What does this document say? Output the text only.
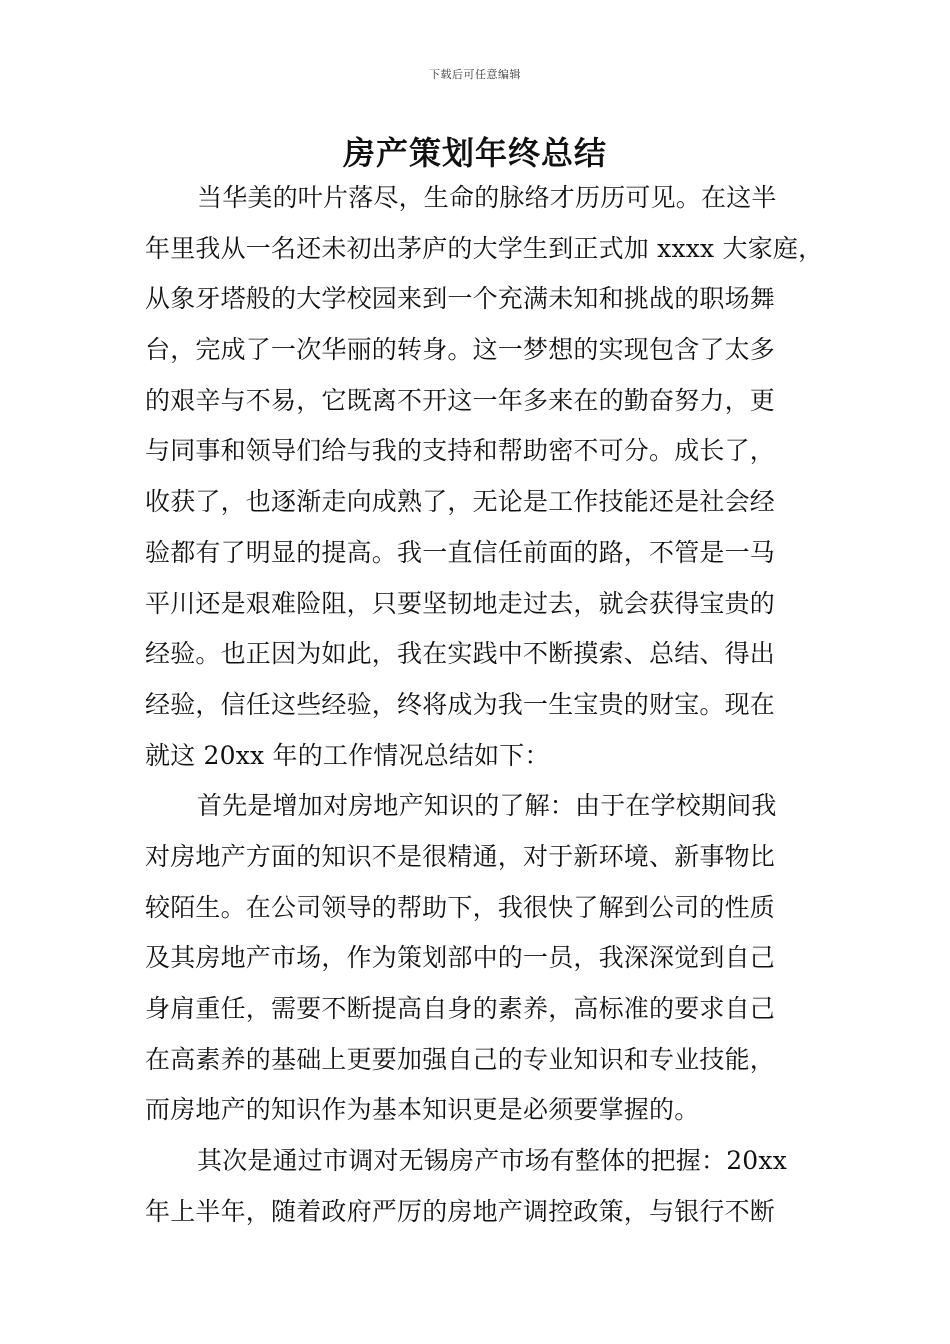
下载后可任意编辑
房产策划年终总结
当华美的叶片落尽，生命的脉络才历历可见。在这半
年里我从一名还未初出茅庐的大学生到正式加 xxxx 大家庭，
从象牙塔般的大学校园来到一个充满未知和挑战的职场舞
台，完成了一次华丽的转身。这一梦想的实现包含了太多
的艰辛与不易，它既离不开这一年多来在的勤奋努力，更
与同事和领导们给与我的支持和帮助密不可分。成长了，
收获了，也逐渐走向成熟了，无论是工作技能还是社会经
验都有了明显的提高。我一直信任前面的路，不管是一马
平川还是艰难险阻，只要坚韧地走过去，就会获得宝贵的
经验。也正因为如此，我在实践中不断摸索、总结、得出
经验，信任这些经验，终将成为我一生宝贵的财宝。现在
就这 20xx 年的工作情况总结如下：
首先是增加对房地产知识的了解：由于在学校期间我
对房地产方面的知识不是很精通，对于新环境、新事物比
较陌生。在公司领导的帮助下，我很快了解到公司的性质
及其房地产市场，作为策划部中的一员，我深深觉到自己
身肩重任，需要不断提高自身的素养，高标准的要求自己
在高素养的基础上更要加强自己的专业知识和专业技能，
而房地产的知识作为基本知识更是必须要掌握的。
其次是通过市调对无锡房产市场有整体的把握：20xx
年上半年，随着政府严厉的房地产调控政策，与银行不断
